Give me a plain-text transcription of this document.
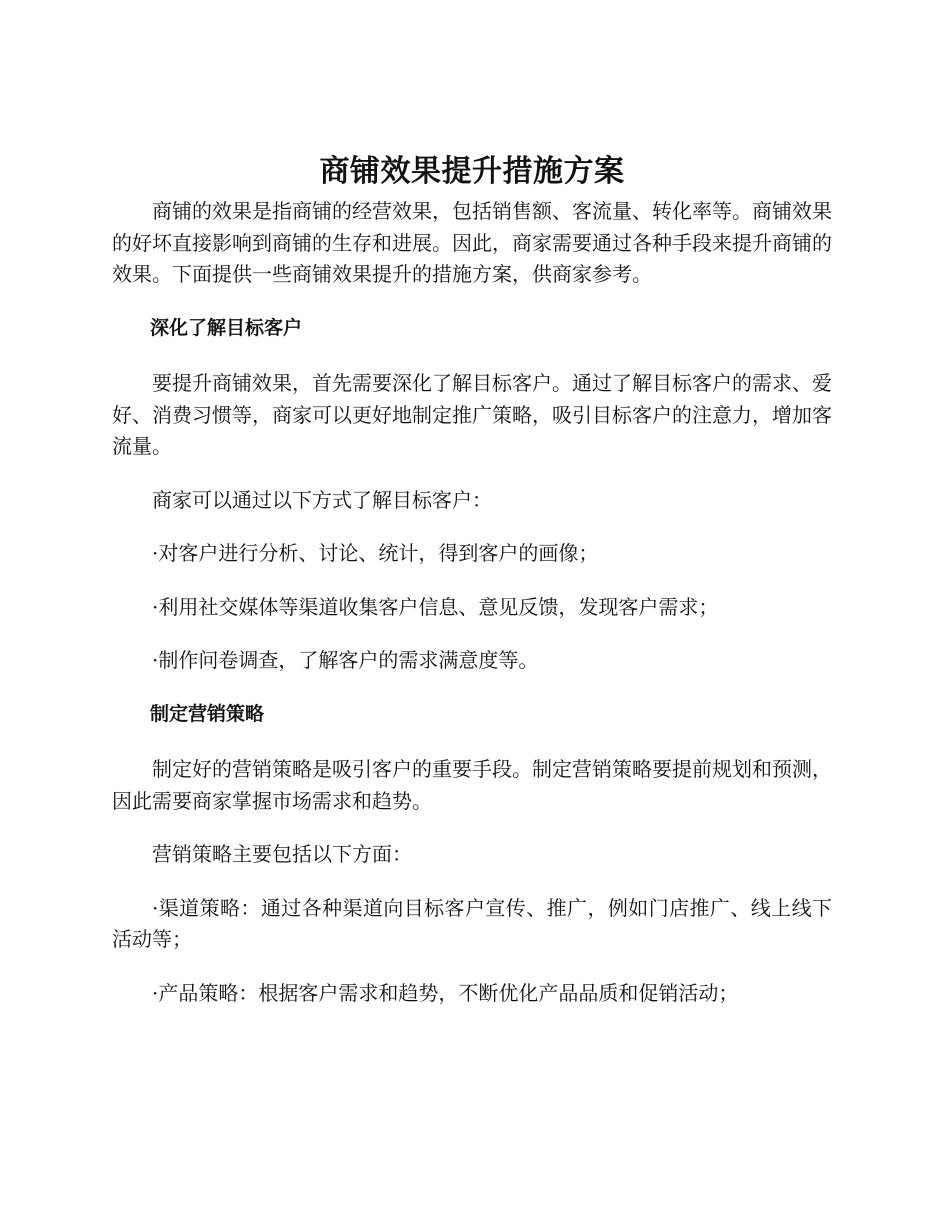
商铺效果提升措施方案

商铺的效果是指商铺的经营效果，包括销售额、客流量、转化率等。商铺效果的好坏直接影响到商铺的生存和进展。因此，商家需要通过各种手段来提升商铺的效果。下面提供一些商铺效果提升的措施方案，供商家参考。

深化了解目标客户

要提升商铺效果，首先需要深化了解目标客户。通过了解目标客户的需求、爱好、消费习惯等，商家可以更好地制定推广策略，吸引目标客户的注意力，增加客流量。

商家可以通过以下方式了解目标客户：

·对客户进行分析、讨论、统计，得到客户的画像；

·利用社交媒体等渠道收集客户信息、意见反馈，发现客户需求；

·制作问卷调查，了解客户的需求满意度等。

制定营销策略

制定好的营销策略是吸引客户的重要手段。制定营销策略要提前规划和预测，因此需要商家掌握市场需求和趋势。

营销策略主要包括以下方面：

·渠道策略：通过各种渠道向目标客户宣传、推广，例如门店推广、线上线下活动等；

·产品策略：根据客户需求和趋势，不断优化产品品质和促销活动；
